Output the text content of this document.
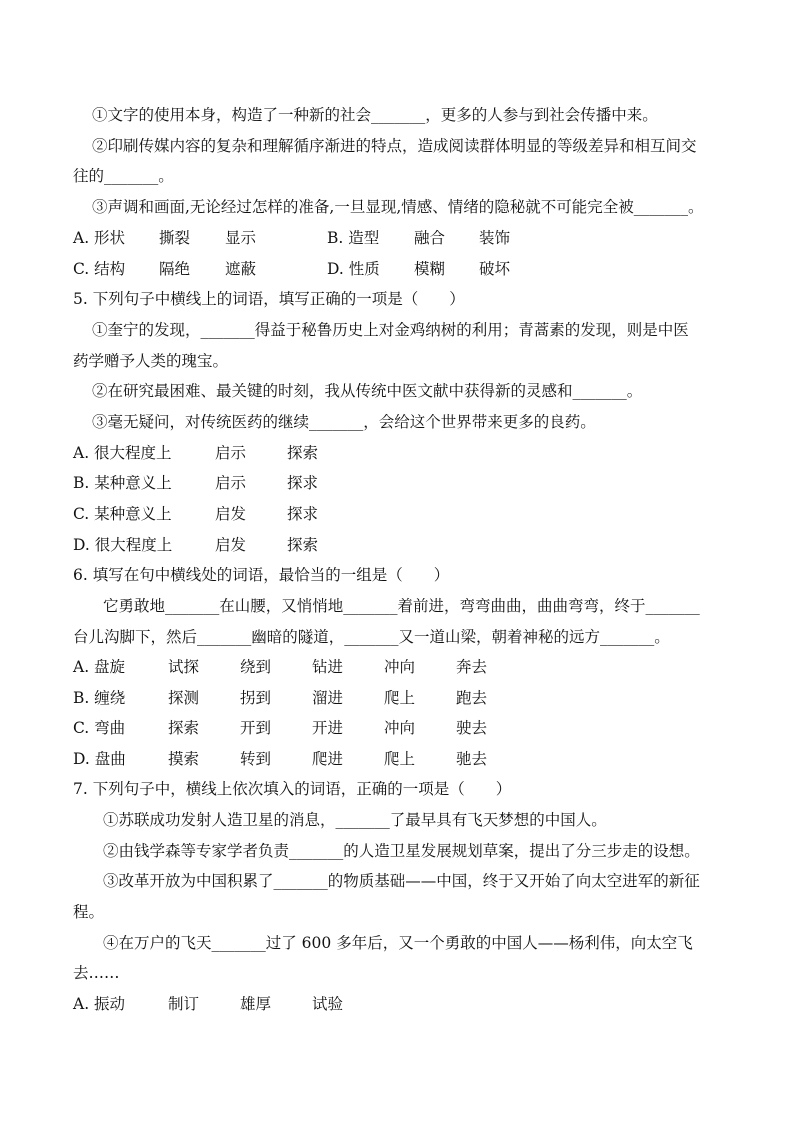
①文字的使用本身，构造了一种新的社会_______，更多的人参与到社会传播中来。
②印刷传媒内容的复杂和理解循序渐进的特点，造成阅读群体明显的等级差异和相互间交
往的_______。
③声调和画面,无论经过怎样的准备,一旦显现,情感、情绪的隐秘就不可能完全被_______。
A. 形状 撕裂 显示	B. 造型 融合 装饰
C. 结构 隔绝 遮蔽	D. 性质 模糊 破坏
5. 下列句子中横线上的词语，填写正确的一项是（　　）
①奎宁的发现，_______得益于秘鲁历史上对金鸡纳树的利用；青蒿素的发现，则是中医
药学赠予人类的瑰宝。
②在研究最困难、最关键的时刻，我从传统中医文献中获得新的灵感和_______。
③毫无疑问，对传统医药的继续_______，会给这个世界带来更多的良药。
A. 很大程度上	启示	探索
B. 某种意义上	启示	探求
C. 某种意义上	启发	探求
D. 很大程度上	启发	探索
6. 填写在句中横线处的词语，最恰当的一组是（　　）
它勇敢地_______在山腰，又悄悄地_______着前进，弯弯曲曲，曲曲弯弯，终于_______
台儿沟脚下，然后_______幽暗的隧道，_______又一道山梁，朝着神秘的远方_______。
A. 盘旋	试探	绕到	钻进	冲向	奔去
B. 缠绕	探测	拐到	溜进	爬上	跑去
C. 弯曲	探索	开到	开进	冲向	驶去
D. 盘曲	摸索	转到	爬进	爬上	驰去
7. 下列句子中，横线上依次填入的词语，正确的一项是（　　）
①苏联成功发射人造卫星的消息，_______了最早具有飞天梦想的中国人。
②由钱学森等专家学者负责_______的人造卫星发展规划草案，提出了分三步走的设想。
③改革开放为中国积累了_______的物质基础——中国，终于又开始了向太空进军的新征
程。
④在万户的飞天_______过了 600 多年后，又一个勇敢的中国人——杨利伟，向太空飞
去……
A. 振动	制订	雄厚	试验
